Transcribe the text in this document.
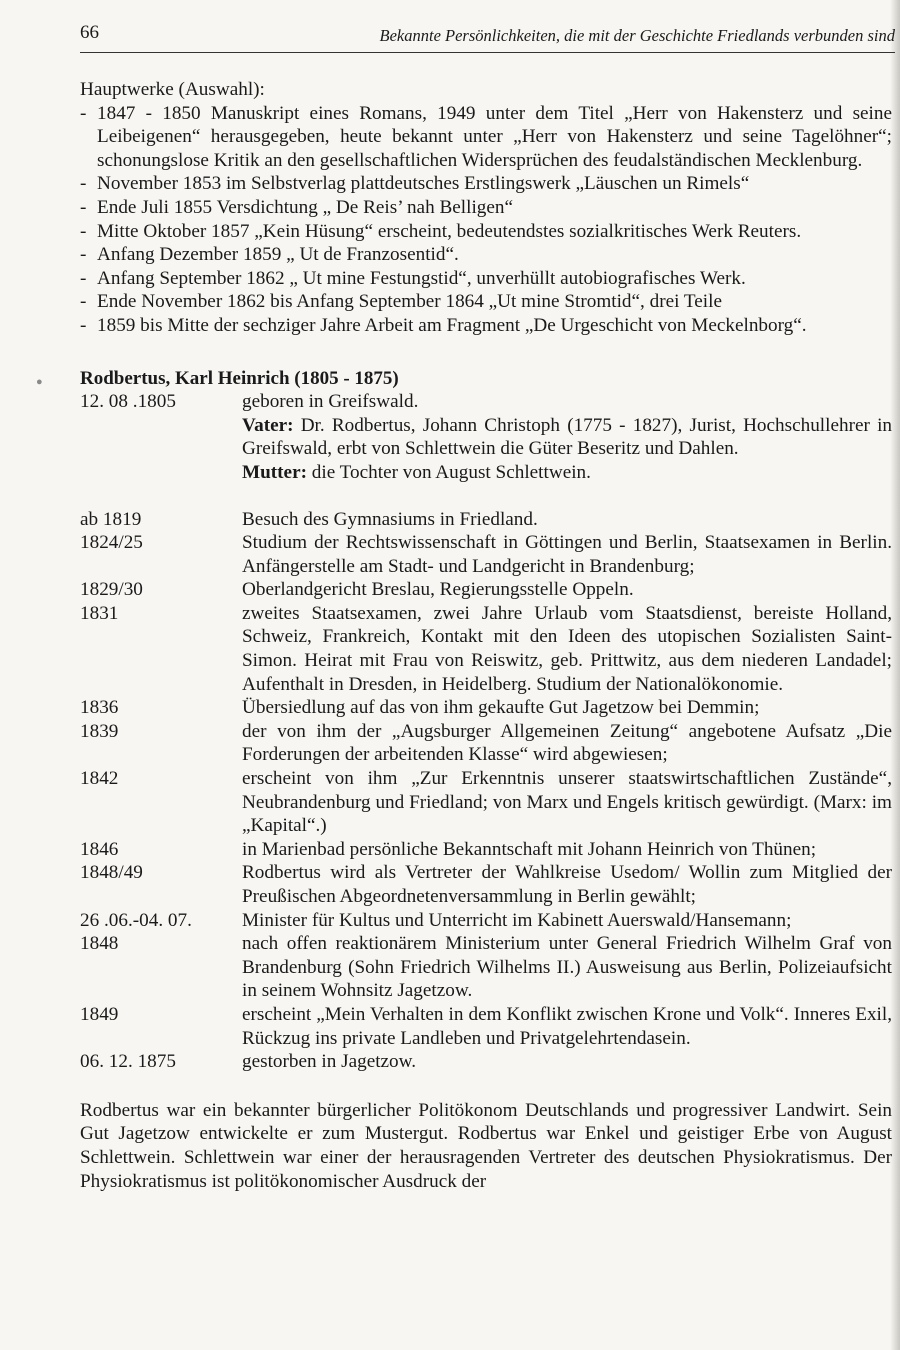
66	Bekannte Persönlichkeiten, die mit der Geschichte Friedlands verbunden sind

Hauptwerke (Auswahl):

- 1847 - 1850 Manuskript eines Romans, 1949 unter dem Titel „Herr von Hakensterz und seine Leibeigenen“ herausgegeben, heute bekannt unter „Herr von Hakensterz und seine Tagelöhner“; schonungslose Kritik an den gesellschaftlichen Widersprüchen des feudalständischen Mecklenburg.
- November 1853 im Selbstverlag plattdeutsches Erstlingswerk „Läuschen un Rimels“
- Ende Juli 1855 Versdichtung „ De Reis’ nah Belligen“
- Mitte Oktober 1857 „Kein Hüsung“ erscheint, bedeutendstes sozialkritisches Werk Reuters.
- Anfang Dezember 1859 „ Ut de Franzosentid“.
- Anfang September 1862 „ Ut mine Festungstid“, unverhüllt autobiografisches Werk.
- Ende November 1862 bis Anfang September 1864 „Ut mine Stromtid“, drei Teile
- 1859 bis Mitte der sechziger Jahre Arbeit am Fragment „De Urgeschicht von Meckelnborg“.
● Rodbertus, Karl Heinrich (1805 - 1875)
12. 08 .1805	geboren in Greifswald.

Vater: Dr. Rodbertus, Johann Christoph (1775 - 1827), Jurist, Hochschullehrer in Greifswald, erbt von Schlettwein die Güter Beseritz und Dahlen.

Mutter: die Tochter von August Schlettwein.

ab 1819	Besuch des Gymnasiums in Friedland.
1824/25	Studium der Rechtswissenschaft in Göttingen und Berlin, Staatsexamen in Berlin. Anfängerstelle am Stadt- und Landgericht in Brandenburg;
1829/30	Oberlandgericht Breslau, Regierungsstelle Oppeln.
1831	zweites Staatsexamen, zwei Jahre Urlaub vom Staatsdienst, bereiste Holland, Schweiz, Frankreich, Kontakt mit den Ideen des utopischen Sozialisten Saint-Simon. Heirat mit Frau von Reiswitz, geb. Prittwitz, aus dem niederen Landadel; Aufenthalt in Dresden, in Heidelberg. Studium der Nationalökonomie.
1836	Übersiedlung auf das von ihm gekaufte Gut Jagetzow bei Demmin;
1839	der von ihm der „Augsburger Allgemeinen Zeitung“ angebotene Aufsatz „Die Forderungen der arbeitenden Klasse“ wird abgewiesen;
1842	erscheint von ihm „Zur Erkenntnis unserer staatswirtschaftlichen Zustände“, Neubrandenburg und Friedland; von Marx und Engels kritisch gewürdigt. (Marx: im „Kapital“.)
1846	in Marienbad persönliche Bekanntschaft mit Johann Heinrich von Thünen;
1848/49	Rodbertus wird als Vertreter der Wahlkreise Usedom/ Wollin zum Mitglied der Preußischen Abgeordnetenversammlung in Berlin gewählt;
26 .06.-04. 07.	Minister für Kultus und Unterricht im Kabinett Auerswald/Hansemann;
1848	nach offen reaktionärem Ministerium unter General Friedrich Wilhelm Graf von Brandenburg (Sohn Friedrich Wilhelms II.) Ausweisung aus Berlin, Polizeiaufsicht in seinem Wohnsitz Jagetzow.
1849	erscheint „Mein Verhalten in dem Konflikt zwischen Krone und Volk“. Inneres Exil, Rückzug ins private Landleben und Privatgelehrtendasein.
06. 12. 1875	gestorben in Jagetzow.

Rodbertus war ein bekannter bürgerlicher Politökonom Deutschlands und progressiver Landwirt. Sein Gut Jagetzow entwickelte er zum Mustergut. Rodbertus war Enkel und geistiger Erbe von August Schlettwein. Schlettwein war einer der herausragenden Vertreter des deutschen Physiokratismus. Der Physiokratismus ist politökonomischer Ausdruck der
